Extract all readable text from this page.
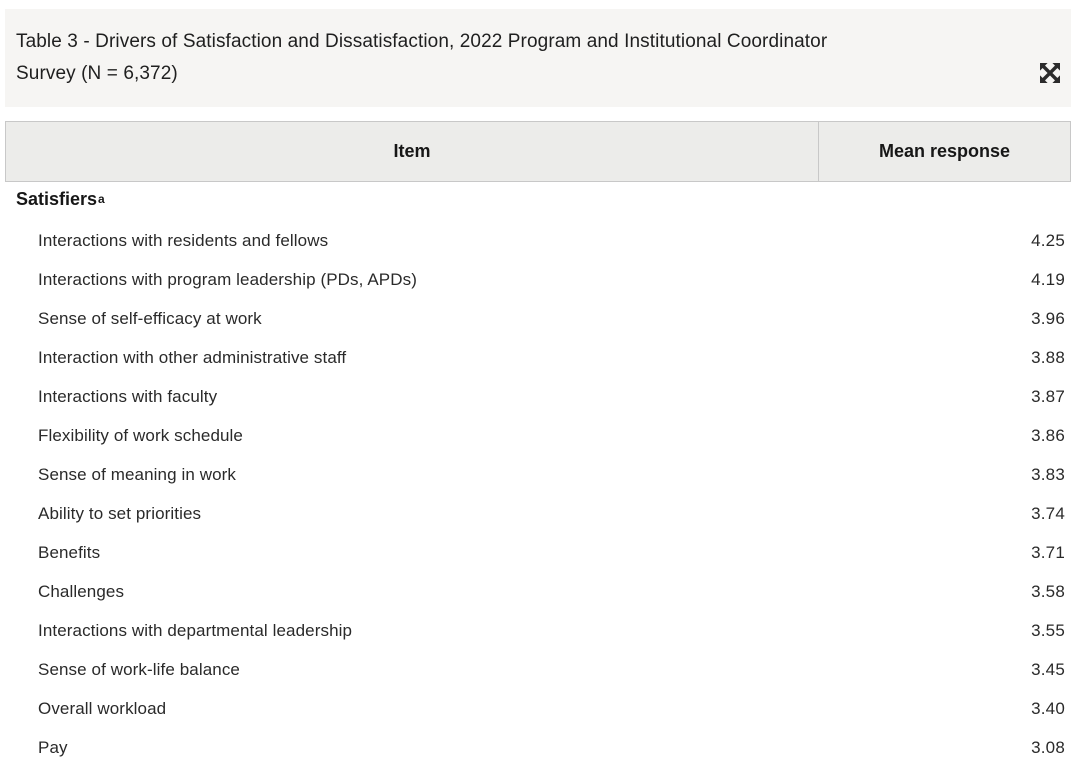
Table 3 - Drivers of Satisfaction and Dissatisfaction, 2022 Program and Institutional Coordinator
Survey (N = 6,372)
Item	Mean response
Satisfiers a
Interactions with residents and fellows	4.25
Interactions with program leadership (PDs, APDs)	4.19
Sense of self-efficacy at work	3.96
Interaction with other administrative staff	3.88
Interactions with faculty	3.87
Flexibility of work schedule	3.86
Sense of meaning in work	3.83
Ability to set priorities	3.74
Benefits	3.71
Challenges	3.58
Interactions with departmental leadership	3.55
Sense of work-life balance	3.45
Overall workload	3.40
Pay	3.08
